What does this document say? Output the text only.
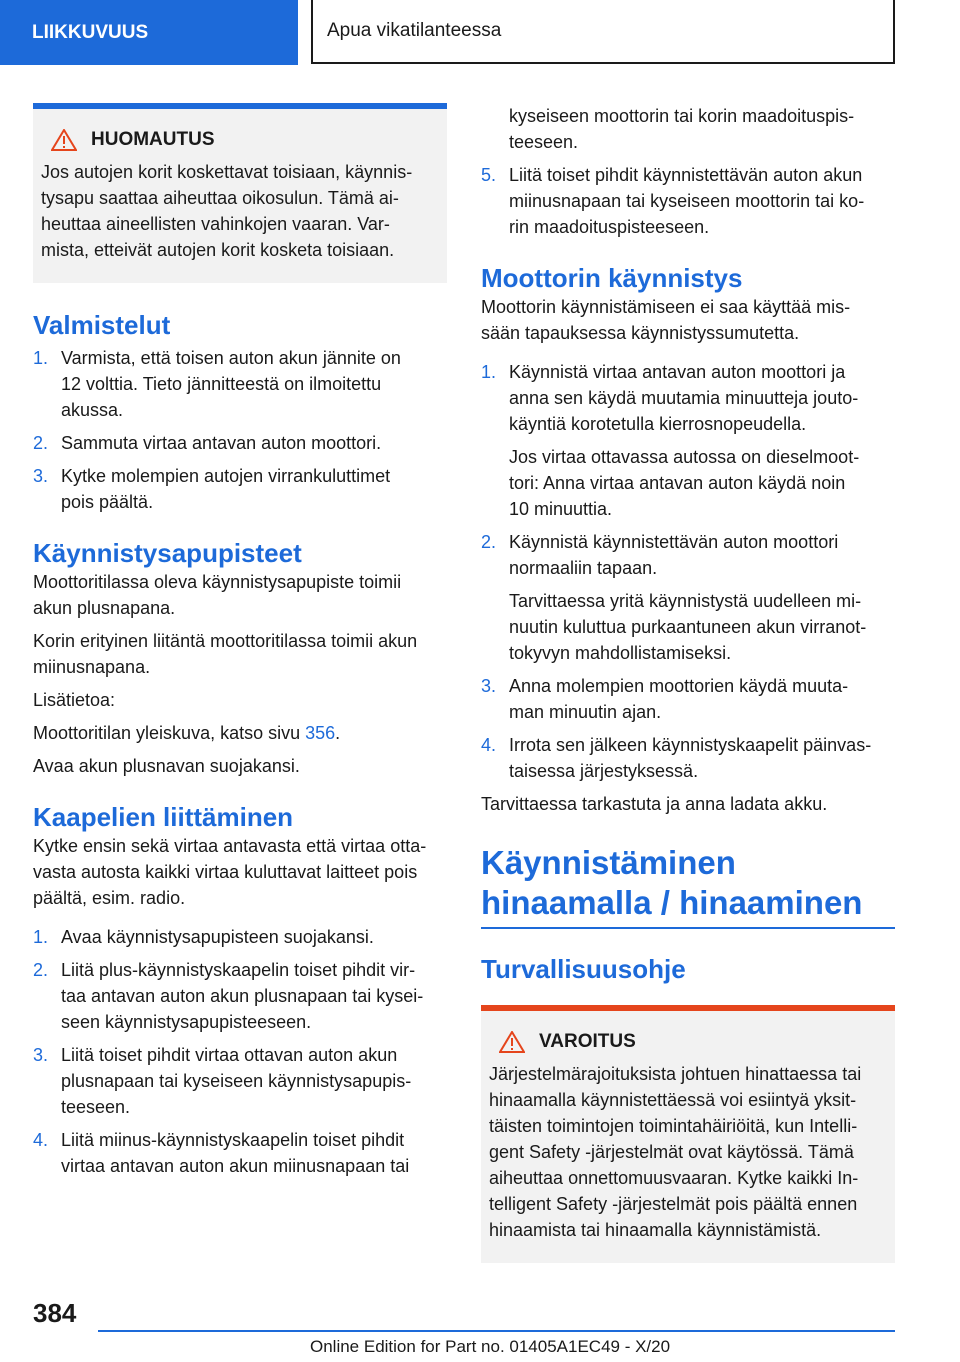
LIIKKUVUUS	Apua vikatilanteessa
HUOMAUTUS

Jos autojen korit koskettavat toisiaan, käynnis-

tysapu saattaa aiheuttaa oikosulun. Tämä ai-

heuttaa aineellisten vahinkojen vaaran. Var-

mista, etteivät autojen korit kosketa toisiaan.

Valmistelut
1. Varmista, että toisen auton akun jännite on
12 volttia. Tieto jännitteestä on ilmoitettu
akussa.
2. Sammuta virtaa antavan auton moottori.
3. Kytke molempien autojen virrankuluttimet
pois päältä.
Käynnistysapupisteet

Moottoritilassa oleva käynnistysapupiste toimii

akun plusnapana.

Korin erityinen liitäntä moottoritilassa toimii akun

miinusnapana.

Lisätietoa:

Moottoritilan yleiskuva, katso sivu 356.

Avaa akun plusnavan suojakansi.

Kaapelien liittäminen

Kytke ensin sekä virtaa antavasta että virtaa otta-

vasta autosta kaikki virtaa kuluttavat laitteet pois

päältä, esim. radio.

1. Avaa käynnistysapupisteen suojakansi.
2. Liitä plus-käynnistyskaapelin toiset pihdit vir-
taa antavan auton akun plusnapaan tai kysei-
seen käynnistysapupisteeseen.
3. Liitä toiset pihdit virtaa ottavan auton akun
plusnapaan tai kyseiseen käynnistysapupis-
teeseen.
4. Liitä miinus-käynnistyskaapelin toiset pihdit
virtaa antavan auton akun miinusnapaan tai
kyseiseen moottorin tai korin maadoituspis-
teeseen.
5. Liitä toiset pihdit käynnistettävän auton akun
miinusnapaan tai kyseiseen moottorin tai ko-
rin maadoituspisteeseen.
Moottorin käynnistys

Moottorin käynnistämiseen ei saa käyttää mis-

sään tapauksessa käynnistyssumutetta.

1. Käynnistä virtaa antavan auton moottori ja
anna sen käydä muutamia minuutteja jouto-
käyntiä korotetulla kierrosnopeudella.
Jos virtaa ottavassa autossa on dieselmoot-
tori: Anna virtaa antavan auton käydä noin
10 minuuttia.
2. Käynnistä käynnistettävän auton moottori
normaaliin tapaan.
Tarvittaessa yritä käynnistystä uudelleen mi-
nuutin kuluttua purkaantuneen akun virranot-
tokyvyn mahdollistamiseksi.
3. Anna molempien moottorien käydä muuta-
man minuutin ajan.
4. Irrota sen jälkeen käynnistyskaapelit päinvas-
taisessa järjestyksessä.

Tarvittaessa tarkastuta ja anna ladata akku.

Käynnistäminen
hinaamalla / hinaaminen
Turvallisuusohje
VAROITUS

Järjestelmärajoituksista johtuen hinattaessa tai

hinaamalla käynnistettäessä voi esiintyä yksit-

täisten toimintojen toimintahäiriöitä, kun Intelli-

gent Safety -järjestelmät ovat käytössä. Tämä

aiheuttaa onnettomuusvaaran. Kytke kaikki In-

telligent Safety -järjestelmät pois päältä ennen

hinaamista tai hinaamalla käynnistämistä.

384
Online Edition for Part no. 01405A1EC49 - X/20
